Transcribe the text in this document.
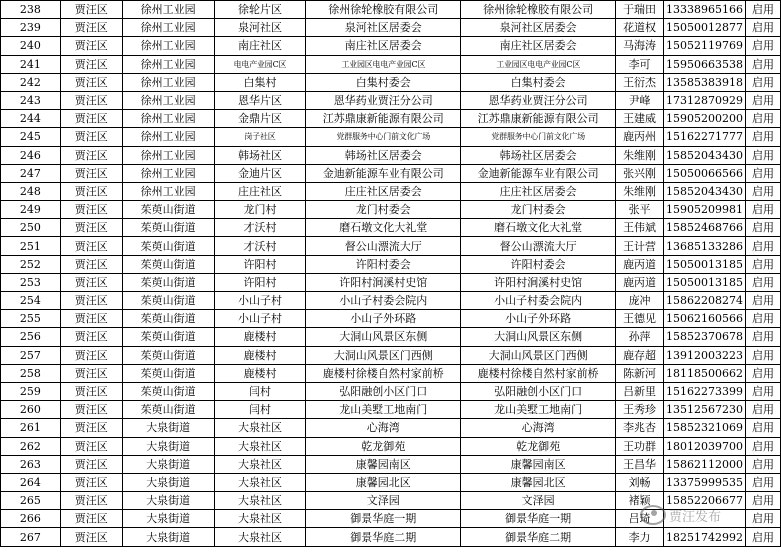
238	贾汪区	徐州工业园	徐轮片区	徐州徐轮橡胶有限公司	徐州徐轮橡胶有限公司	于瑞田	13338965166	启用
239	贾汪区	徐州工业园	泉河社区	泉河社区居委会	泉河社区居委会	花道权	15050012877	启用
240	贾汪区	徐州工业园	南庄社区	南庄社区居委会	南庄社区居委会	马海涛	15052119769	启用
241	贾汪区	徐州工业园	电电产业园C区	工业园区电电产业园C区	工业园区电电产业园C区	李可	15950663538	启用
242	贾汪区	徐州工业园	白集村	白集村委会	白集村委会	王衍杰	13585383918	启用
243	贾汪区	徐州工业园	恩华片区	恩华药业贾汪分公司	恩华药业贾汪分公司	尹峰	17312870929	启用
244	贾汪区	徐州工业园	金鼎片区	江苏鼎康新能源有限公司	江苏鼎康新能源有限公司	王建威	15905200200	启用
245	贾汪区	徐州工业园	岗子社区	党群服务中心门前文化广场	党群服务中心门前文化广场	鹿丙州	15162271777	启用
246	贾汪区	徐州工业园	韩场社区	韩场社区居委会	韩场社区居委会	朱维刚	15852043430	启用
247	贾汪区	徐州工业园	金迪片区	金迪新能源车业有限公司	金迪新能源车业有限公司	张兴刚	15050066566	启用
248	贾汪区	徐州工业园	庄庄社区	庄庄社区居委会	庄庄社区居委会	朱维刚	15852043430	启用
249	贾汪区	茱萸山街道	龙门村	龙门村委会	龙门村委会	张平	15905209981	启用
250	贾汪区	茱萸山街道	才沃村	磨石墩文化大礼堂	磨石墩文化大礼堂	王伟斌	15852468766	启用
251	贾汪区	茱萸山街道	才沃村	督公山漂流大厅	督公山漂流大厅	王计营	13685133286	启用
252	贾汪区	茱萸山街道	许阳村	许阳村委会	许阳村委会	鹿丙道	15050013185	启用
253	贾汪区	茱萸山街道	许阳村	许阳村涧溪村史馆	许阳村涧溪村史馆	鹿丙道	15050013185	启用
254	贾汪区	茱萸山街道	小山子村	小山子村委会院内	小山子村委会院内	庞冲	15862208274	启用
255	贾汪区	茱萸山街道	小山子村	小山子外环路	小山子外环路	王德见	15062160566	启用
256	贾汪区	茱萸山街道	鹿楼村	大洞山风景区东侧	大洞山风景区东侧	孙萍	15852370678	启用
257	贾汪区	茱萸山街道	鹿楼村	大洞山风景区门西侧	大洞山风景区门西侧	鹿存超	13912003223	启用
258	贾汪区	茱萸山街道	鹿楼村	鹿楼村徐楼自然村家前桥	鹿楼村徐楼自然村家前桥	陈新河	18118500662	启用
259	贾汪区	茱萸山街道	闫村	弘阳融创小区门口	弘阳融创小区门口	吕新里	15162273399	启用
260	贾汪区	茱萸山街道	闫村	龙山美墅工地南门	龙山美墅工地南门	王秀珍	13512567230	启用
261	贾汪区	大泉街道	大泉社区	心海湾	心海湾	李兆杏	15852321069	启用
262	贾汪区	大泉街道	大泉社区	乾龙御苑	乾龙御苑	王功群	18012039700	启用
263	贾汪区	大泉街道	大泉社区	康馨园南区	康馨园南区	王昌华	15862112000	启用
264	贾汪区	大泉街道	大泉社区	康馨园北区	康馨园北区	刘畅	13375999535	启用
265	贾汪区	大泉街道	大泉社区	文泽园	文泽园	褚颖	15852206677	启用
266	贾汪区	大泉街道	大泉社区	御景华庭一期	御景华庭一期	吕琦		启用
267	贾汪区	大泉街道	大泉社区	御景华庭二期	御景华庭二期	李力	18251742992	启用
贾汪发布
